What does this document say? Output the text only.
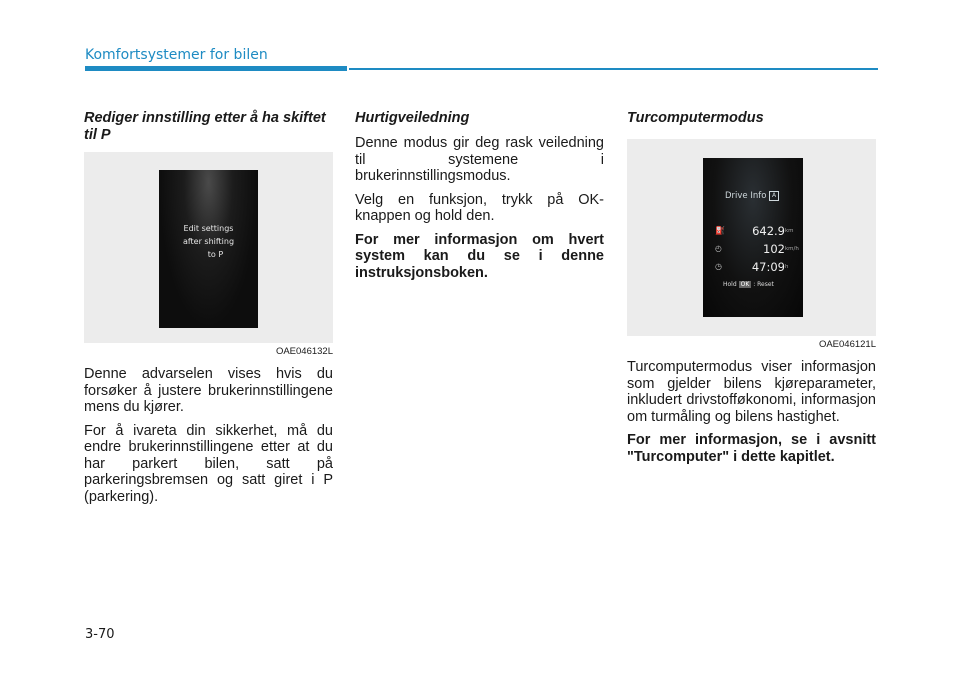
Komfortsystemer for bilen
Rediger innstilling etter å ha skiftet til P
Edit settings
after shifting
to P
OAE046132L

Denne advarselen vises hvis du forsøker å justere brukerinnstillingene mens du kjører.

For å ivareta din sikkerhet, må du endre brukerinnstillingene etter at du har parkert bilen, satt på parkeringsbremsen og satt giret i P (parkering).

Hurtigveiledning

Denne modus gir deg rask veiledning til systemene i brukerinnstillingsmodus.

Velg en funksjon, trykk på OK-knappen og hold den.

For mer informasjon om hvert system kan du se i denne instruksjonsboken.

Turcomputermodus
Drive Info A
⛽ 642.9 km
◴	102 km/h
◷	47:09 h
Hold OK : Reset
OAE046121L

Turcomputermodus viser informasjon som gjelder bilens kjøreparameter, inkludert drivstofføkonomi, informasjon om turmåling og bilens hastighet.

For mer informasjon, se i avsnitt "Turcomputer" i dette kapitlet.

3-70
